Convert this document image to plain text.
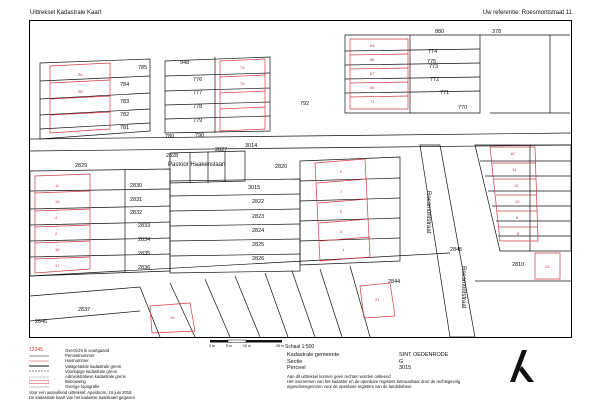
Uittreksel Kadastrale Kaart	Uw referentie: Roesmontstraat 11
880	378
785
948
776
775
774
773
772
771
770
784
783
782
781
777
778
779
780
792
790
2828
2827
3014
2829	2820
3015
2830
2831	2822
2832
2833
2823
2834
2824
2825
2835
2826
2836
2837
2844
2845
2810
2846
Pastoor Haakenslaan
Roesmontstraat
Roesmontstraat
26
28
63
65
67
69
71
73
75
16
14
12
10
8
6
4
2
9
7
5
3
1
11
13
15
17
19
21
23
0 m	5 m	10 m	25 m Schaal 1:500
12345	Overzicht in voortgaand
Perceelnummer
Huisnummer
Vastgestelde kadastrale grens
Voorlopige kadastrale grens
Administratieve kadastrale grens
Bebouwing
Overige topografie
Voor een aanvullend uittreksel: Apeldoorn, 18 juni 2018
De kadastrale kaart van het kadastre basiskaart gegeven
Kadastrale gemeente	SINT OEDENRODE
Sectie	G
Perceel	3015
Aan dit uittreksel kunnen geen rechten worden ontleend
Het overnemen van het kadaster en de openbare registers betrouwbaar door de rechtsgevolg
eigendomsgrenzen voor de openbare registers van de landsbeheer
